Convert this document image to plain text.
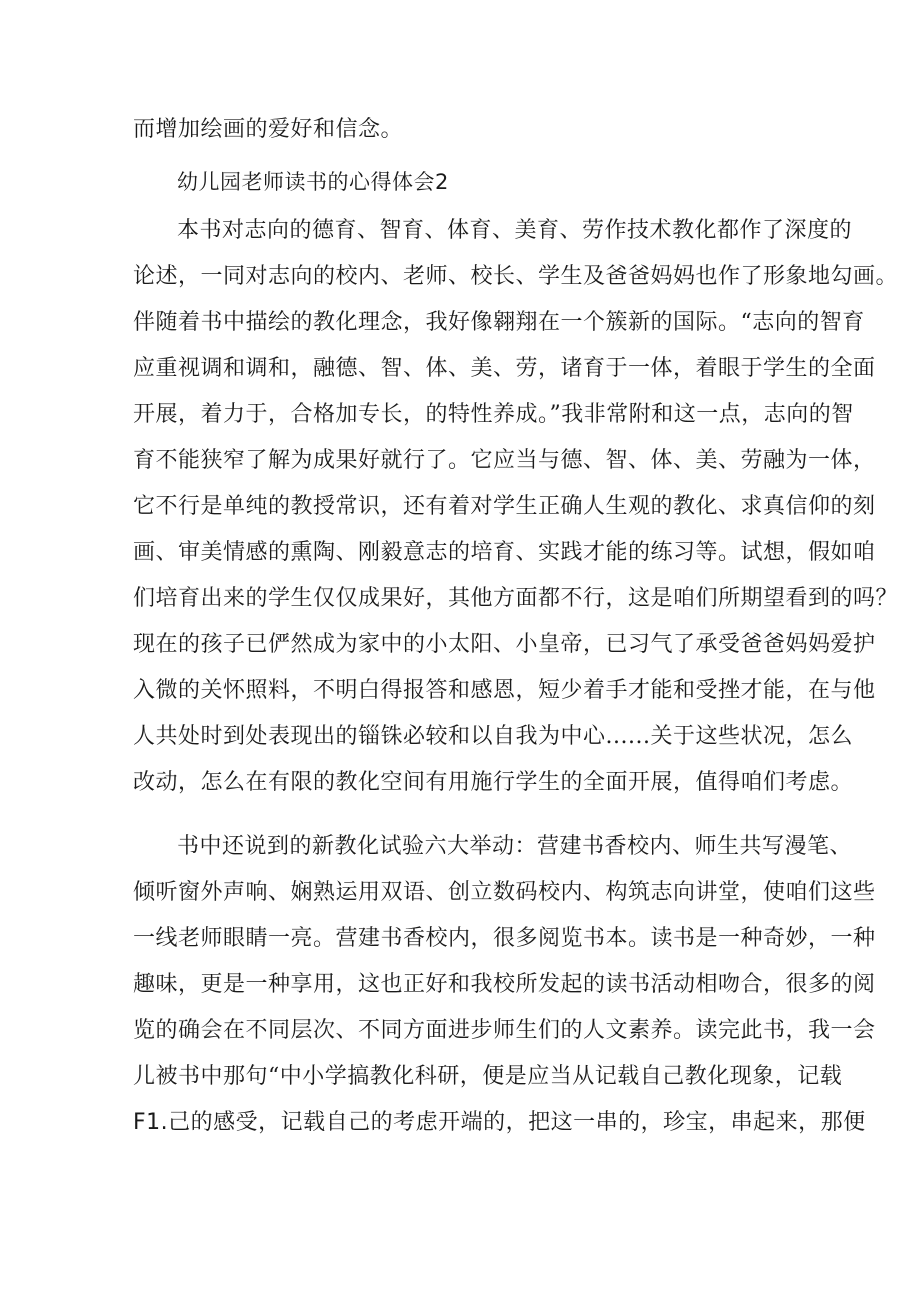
而增加绘画的爱好和信念。
幼儿园老师读书的心得体会2
本书对志向的德育、智育、体育、美育、劳作技术教化都作了深度的
论述，一同对志向的校内、老师、校长、学生及爸爸妈妈也作了形象地勾画。
伴随着书中描绘的教化理念，我好像翱翔在一个簇新的国际。“志向的智育
应重视调和调和，融德、智、体、美、劳，诸育于一体，着眼于学生的全面
开展，着力于，合格加专长，的特性养成。”我非常附和这一点，志向的智
育不能狭窄了解为成果好就行了。它应当与德、智、体、美、劳融为一体，
它不行是单纯的教授常识，还有着对学生正确人生观的教化、求真信仰的刻
画、审美情感的熏陶、刚毅意志的培育、实践才能的练习等。试想，假如咱
们培育出来的学生仅仅成果好，其他方面都不行，这是咱们所期望看到的吗？
现在的孩子已俨然成为家中的小太阳、小皇帝，已习气了承受爸爸妈妈爱护
入微的关怀照料，不明白得报答和感恩，短少着手才能和受挫才能，在与他
人共处时到处表现出的锱铢必较和以自我为中心......关于这些状况，怎么
改动，怎么在有限的教化空间有用施行学生的全面开展，值得咱们考虑。
书中还说到的新教化试验六大举动：营建书香校内、师生共写漫笔、
倾听窗外声响、娴熟运用双语、创立数码校内、构筑志向讲堂，使咱们这些
一线老师眼睛一亮。营建书香校内，很多阅览书本。读书是一种奇妙，一种
趣味，更是一种享用，这也正好和我校所发起的读书活动相吻合，很多的阅
览的确会在不同层次、不同方面进步师生们的人文素养。读完此书，我一会
儿被书中那句“中小学搞教化科研，便是应当从记载自己教化现象，记载
F1.己的感受，记载自己的考虑开端的，把这一串的，珍宝，串起来，那便
